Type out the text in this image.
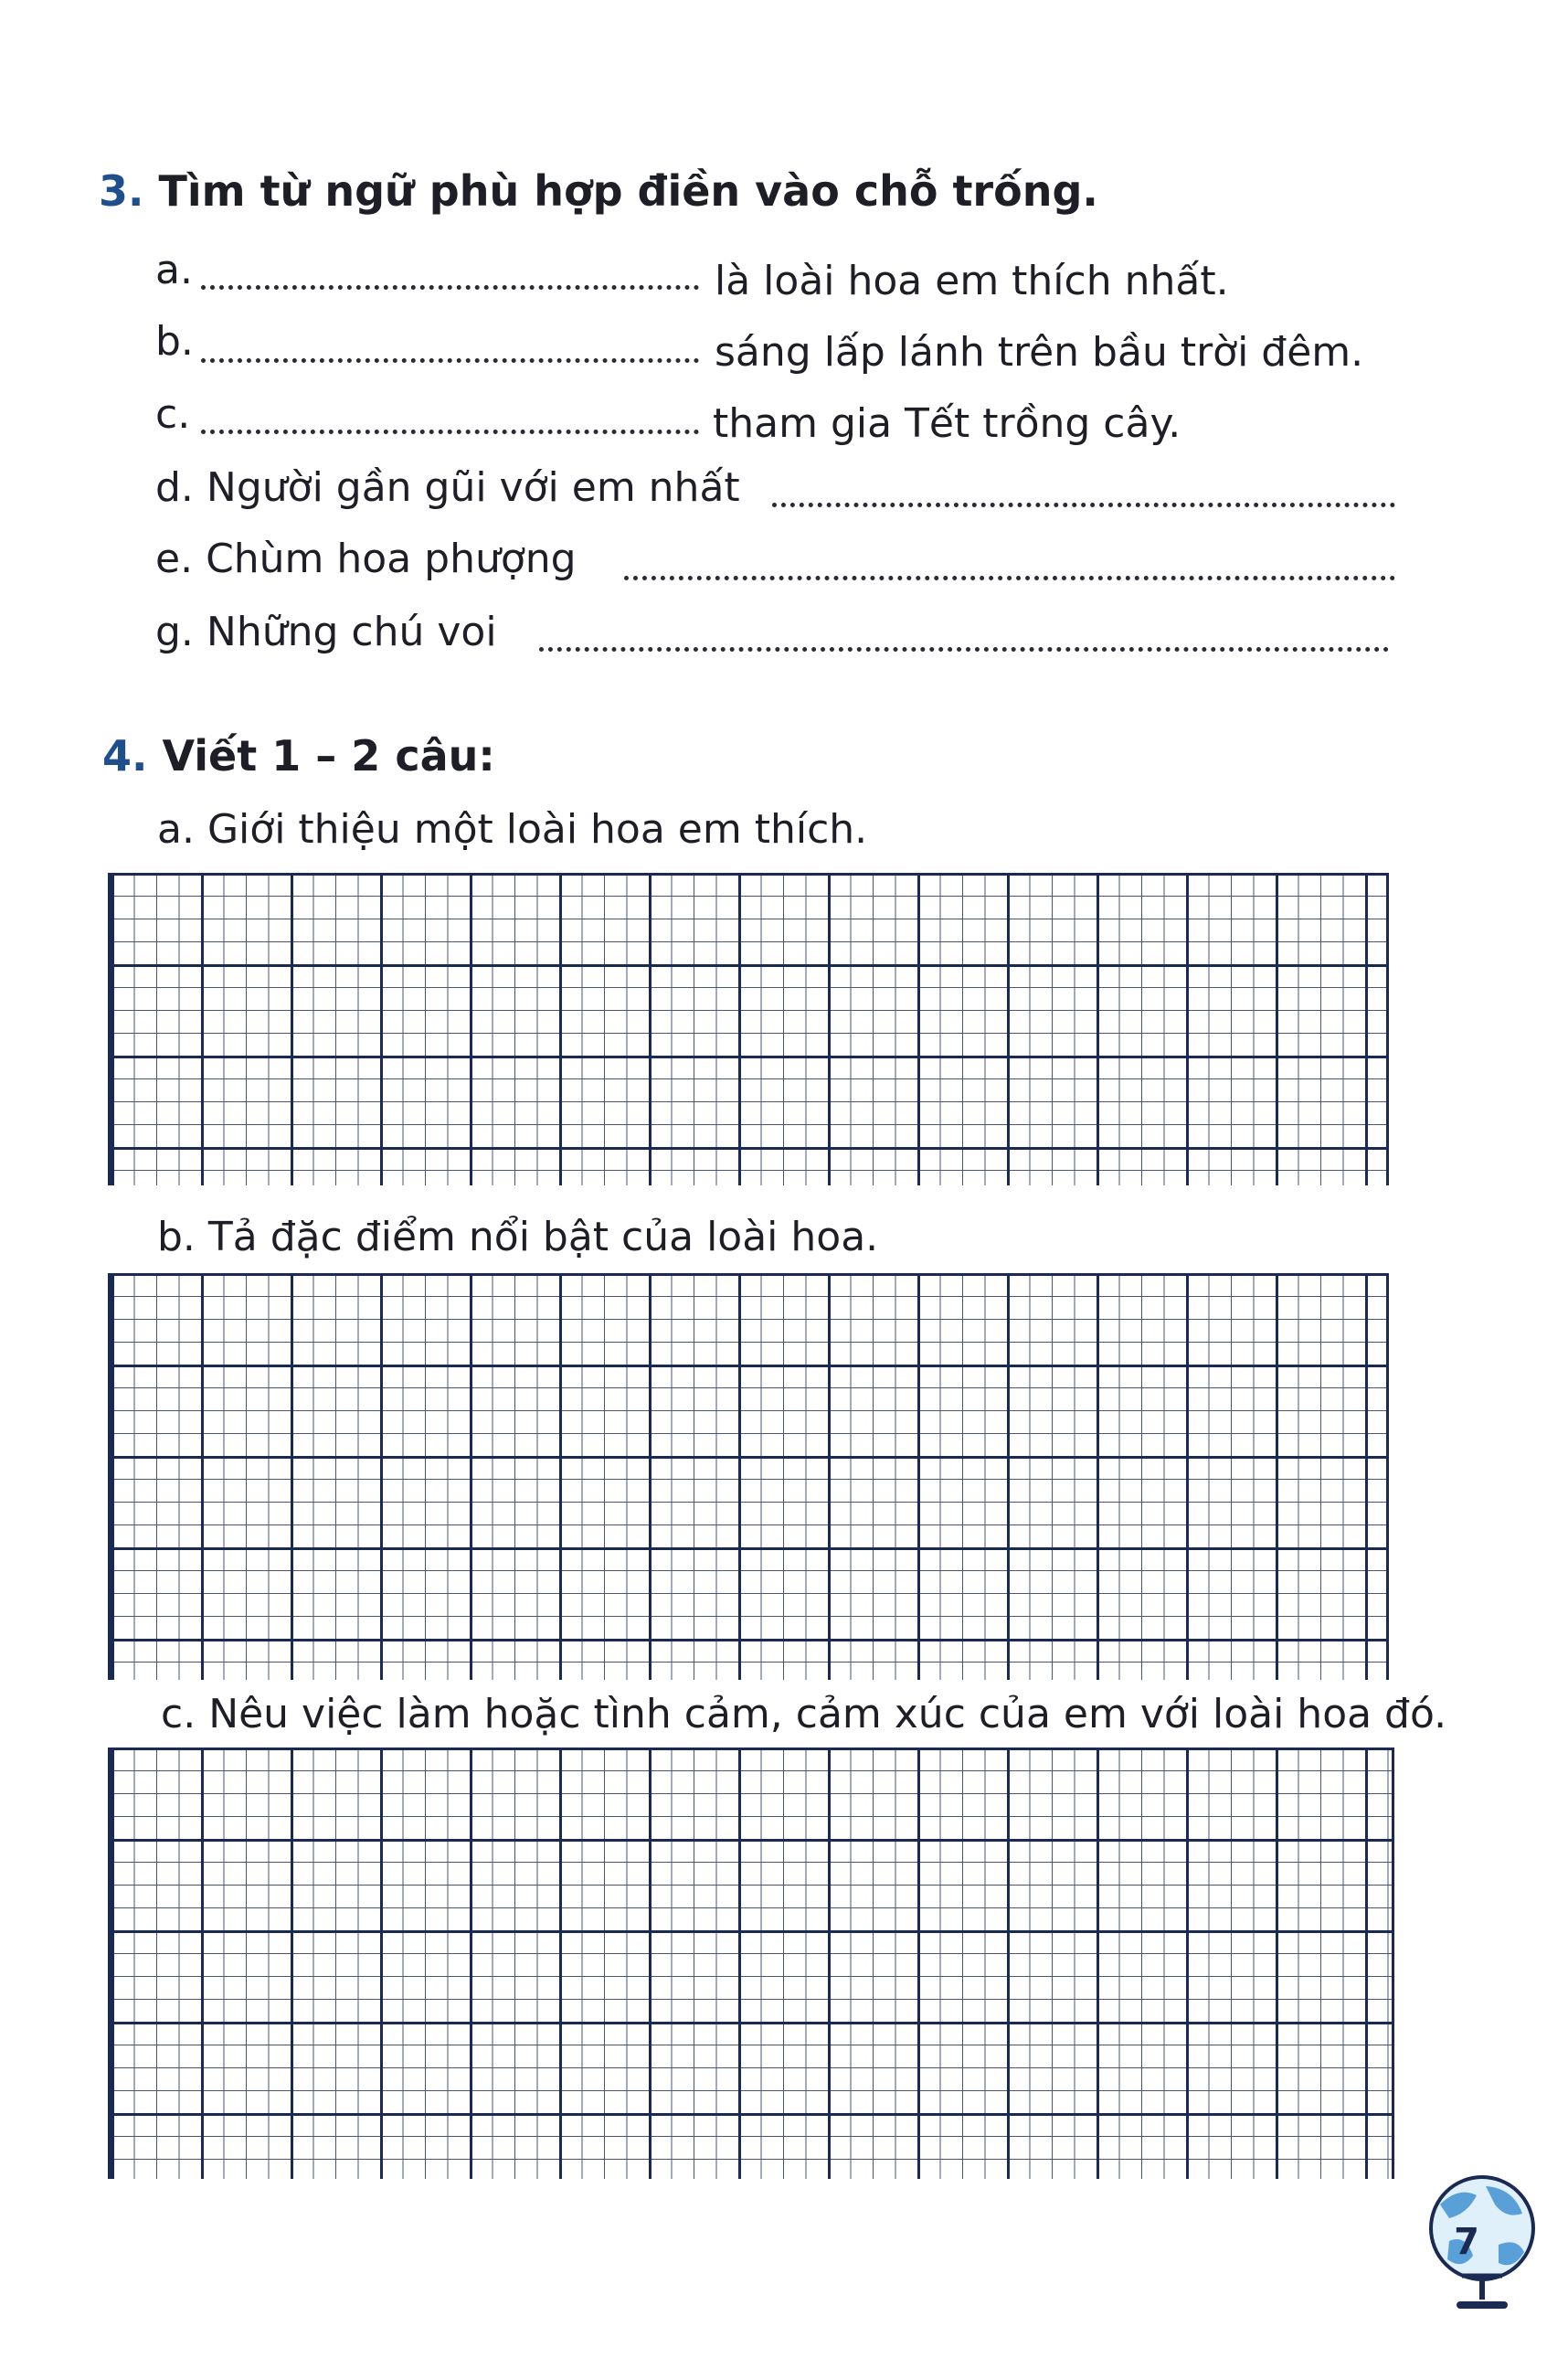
3. Tìm từ ngữ phù hợp điền vào chỗ trống.
a.	là loài hoa em thích nhất.
b.	sáng lấp lánh trên bầu trời đêm.
c.	tham gia Tết trồng cây.
d. Người gần gũi với em nhất
e. Chùm hoa phượng
g. Những chú voi
4. Viết 1 – 2 câu:
a. Giới thiệu một loài hoa em thích.
b. Tả đặc điểm nổi bật của loài hoa.
c. Nêu việc làm hoặc tình cảm, cảm xúc của em với loài hoa đó.
7
